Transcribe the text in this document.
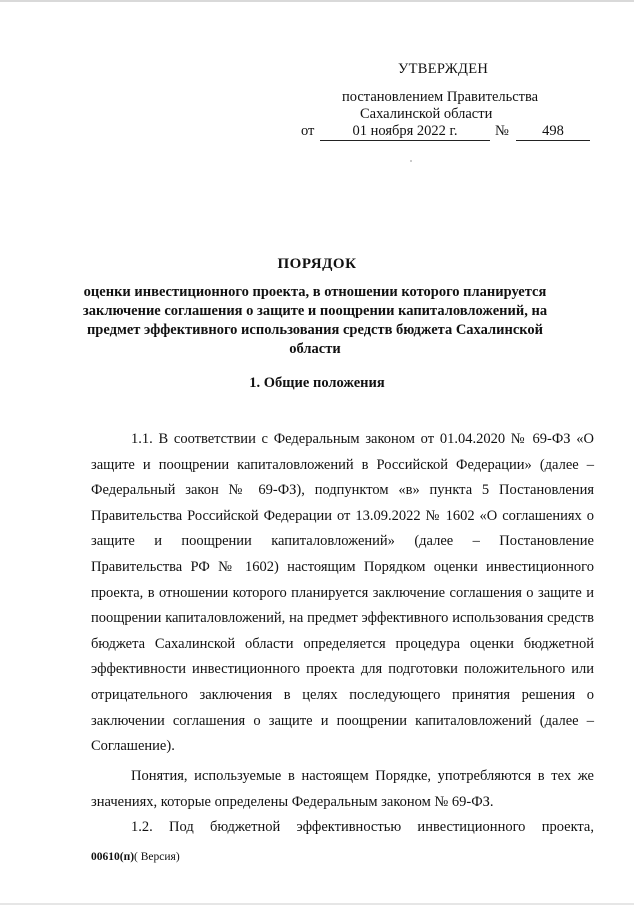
УТВЕРЖДЕН
постановлением Правительства
Сахалинской области
от	01 ноября 2022 г.	№	498
ПОРЯДОК
оценки инвестиционного проекта, в отношении которого планируется заключение соглашения о защите и поощрении капиталовложений, на предмет эффективного использования средств бюджета Сахалинской области
1. Общие положения
1.1. В соответствии с Федеральным законом от 01.04.2020 № 69-ФЗ «О защите и поощрении капиталовложений в Российской Федерации» (далее – Федеральный закон № 69-ФЗ), подпунктом «в» пункта 5 Постановления Правительства Российской Федерации от 13.09.2022 № 1602 «О соглашениях о защите и поощрении капиталовложений» (далее – Постановление Правительства РФ № 1602) настоящим Порядком оценки инвестиционного проекта, в отношении которого планируется заключение соглашения о защите и поощрении капиталовложений, на предмет эффективного использования средств бюджета Сахалинской области определяется процедура оценки бюджетной эффективности инвестиционного проекта для подготовки положительного или отрицательного заключения в целях последующего принятия решения о заключении соглашения о защите и поощрении капиталовложений (далее – Соглашение).
Понятия, используемые в настоящем Порядке, употребляются в тех же значениях, которые определены Федеральным законом № 69-ФЗ.
1.2. Под бюджетной эффективностью инвестиционного проекта,
00610(п)( Версия)
